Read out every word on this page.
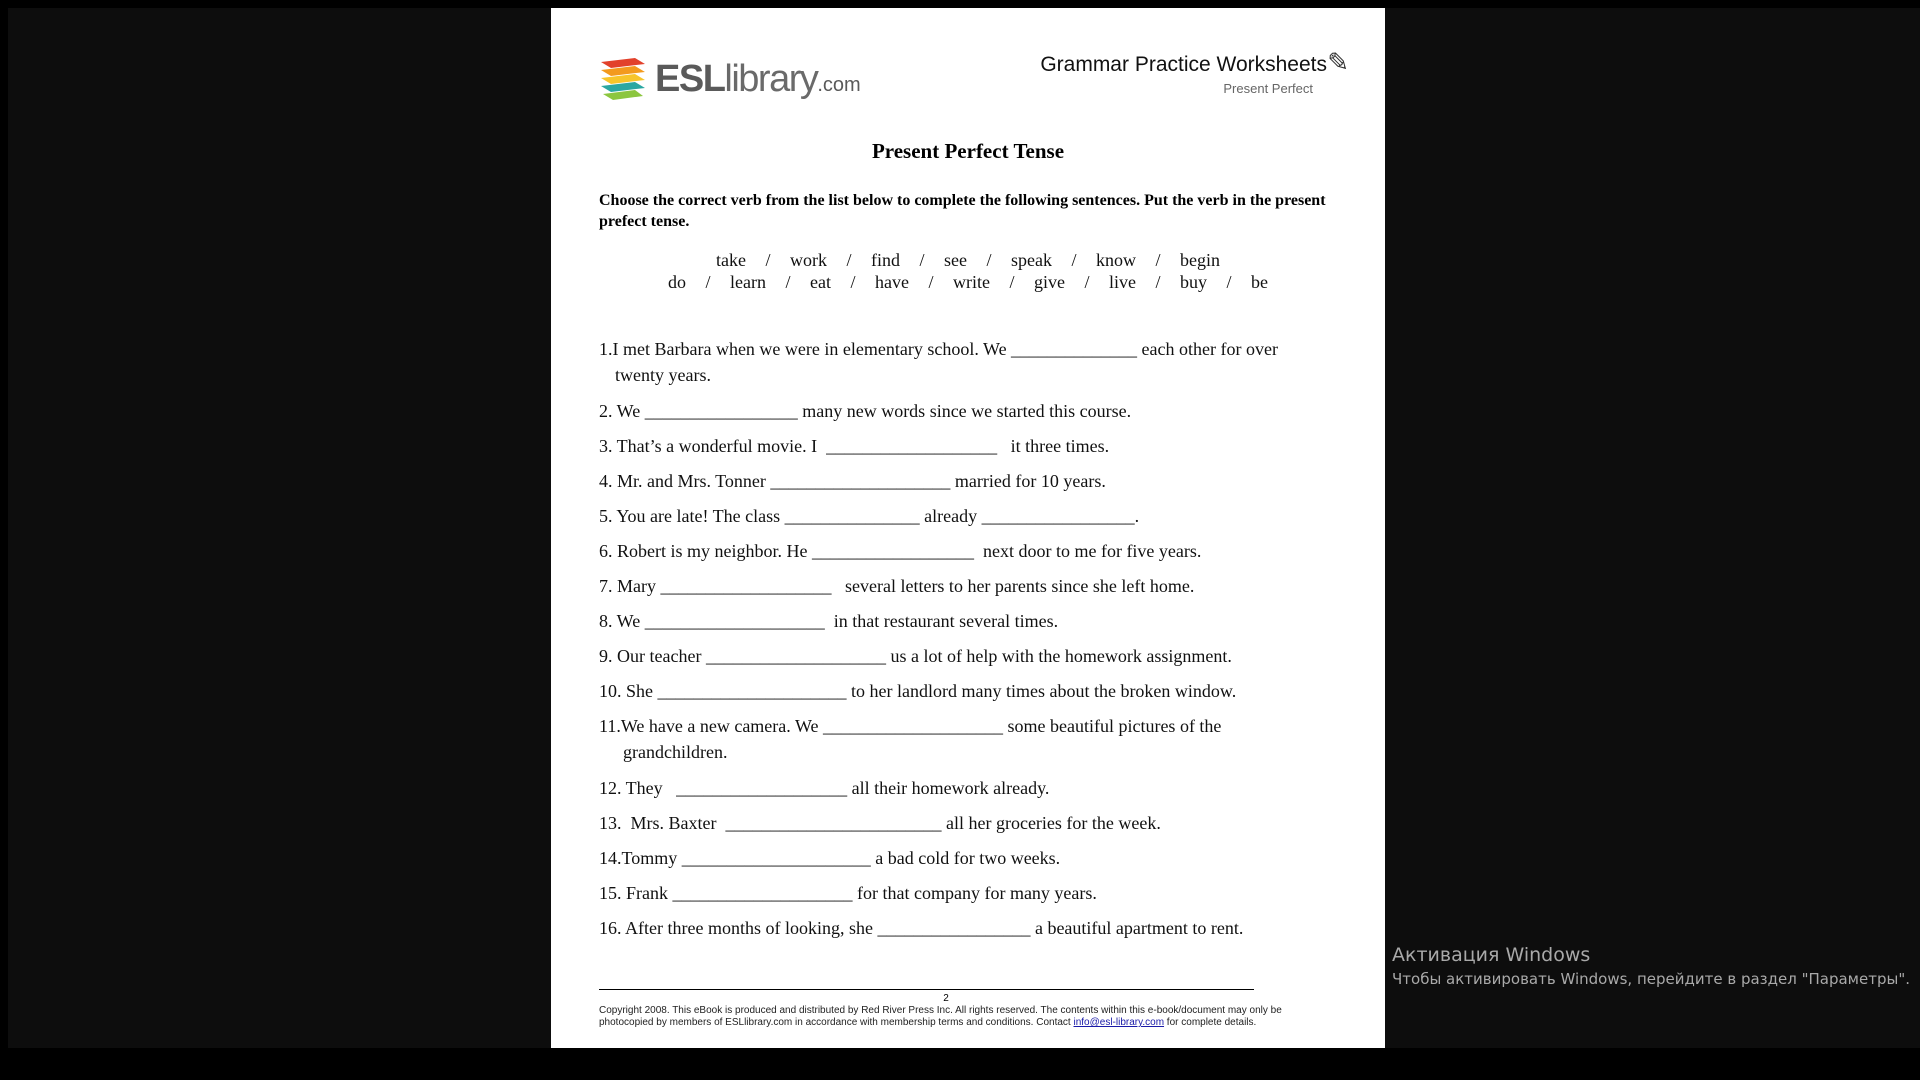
ESLlibrary.com
Grammar Practice Worksheets
Present Perfect
✎
Present Perfect Tense
Choose the correct verb from the list below to complete the following sentences. Put the verb in the present prefect tense.
take   /   work   /   find   /   see   /   speak   /   know   /   begin
do   /   learn   /   eat   /   have   /   write   /   give   /   live   /   buy   /   be
1.I met Barbara when we were in elementary school. We ______________ each other for over
twenty years.
2. We _________________ many new words since we started this course.
3. That’s a wonderful movie. I  ___________________   it three times.
4. Mr. and Mrs. Tonner ____________________ married for 10 years.
5. You are late! The class _______________ already _________________.
6. Robert is my neighbor. He __________________  next door to me for five years.
7. Mary ___________________   several letters to her parents since she left home.
8. We ____________________  in that restaurant several times.
9. Our teacher ____________________ us a lot of help with the homework assignment.
10. She _____________________ to her landlord many times about the broken window.
11.We have a new camera. We ____________________ some beautiful pictures of the
grandchildren.
12. They   ___________________ all their homework already.
13.  Mrs. Baxter  ________________________ all her groceries for the week.
14.Tommy _____________________ a bad cold for two weeks.
15. Frank ____________________ for that company for many years.
16. After three months of looking, she _________________ a beautiful apartment to rent.
2
Copyright 2008. This eBook is produced and distributed by Red River Press Inc. All rights reserved. The contents within this e-book/document may only be
photocopied by members of ESLlibrary.com in accordance with membership terms and conditions. Contact info@esl-library.com for complete details.
Активация Windows
Чтобы активировать Windows, перейдите в раздел "Параметры".
